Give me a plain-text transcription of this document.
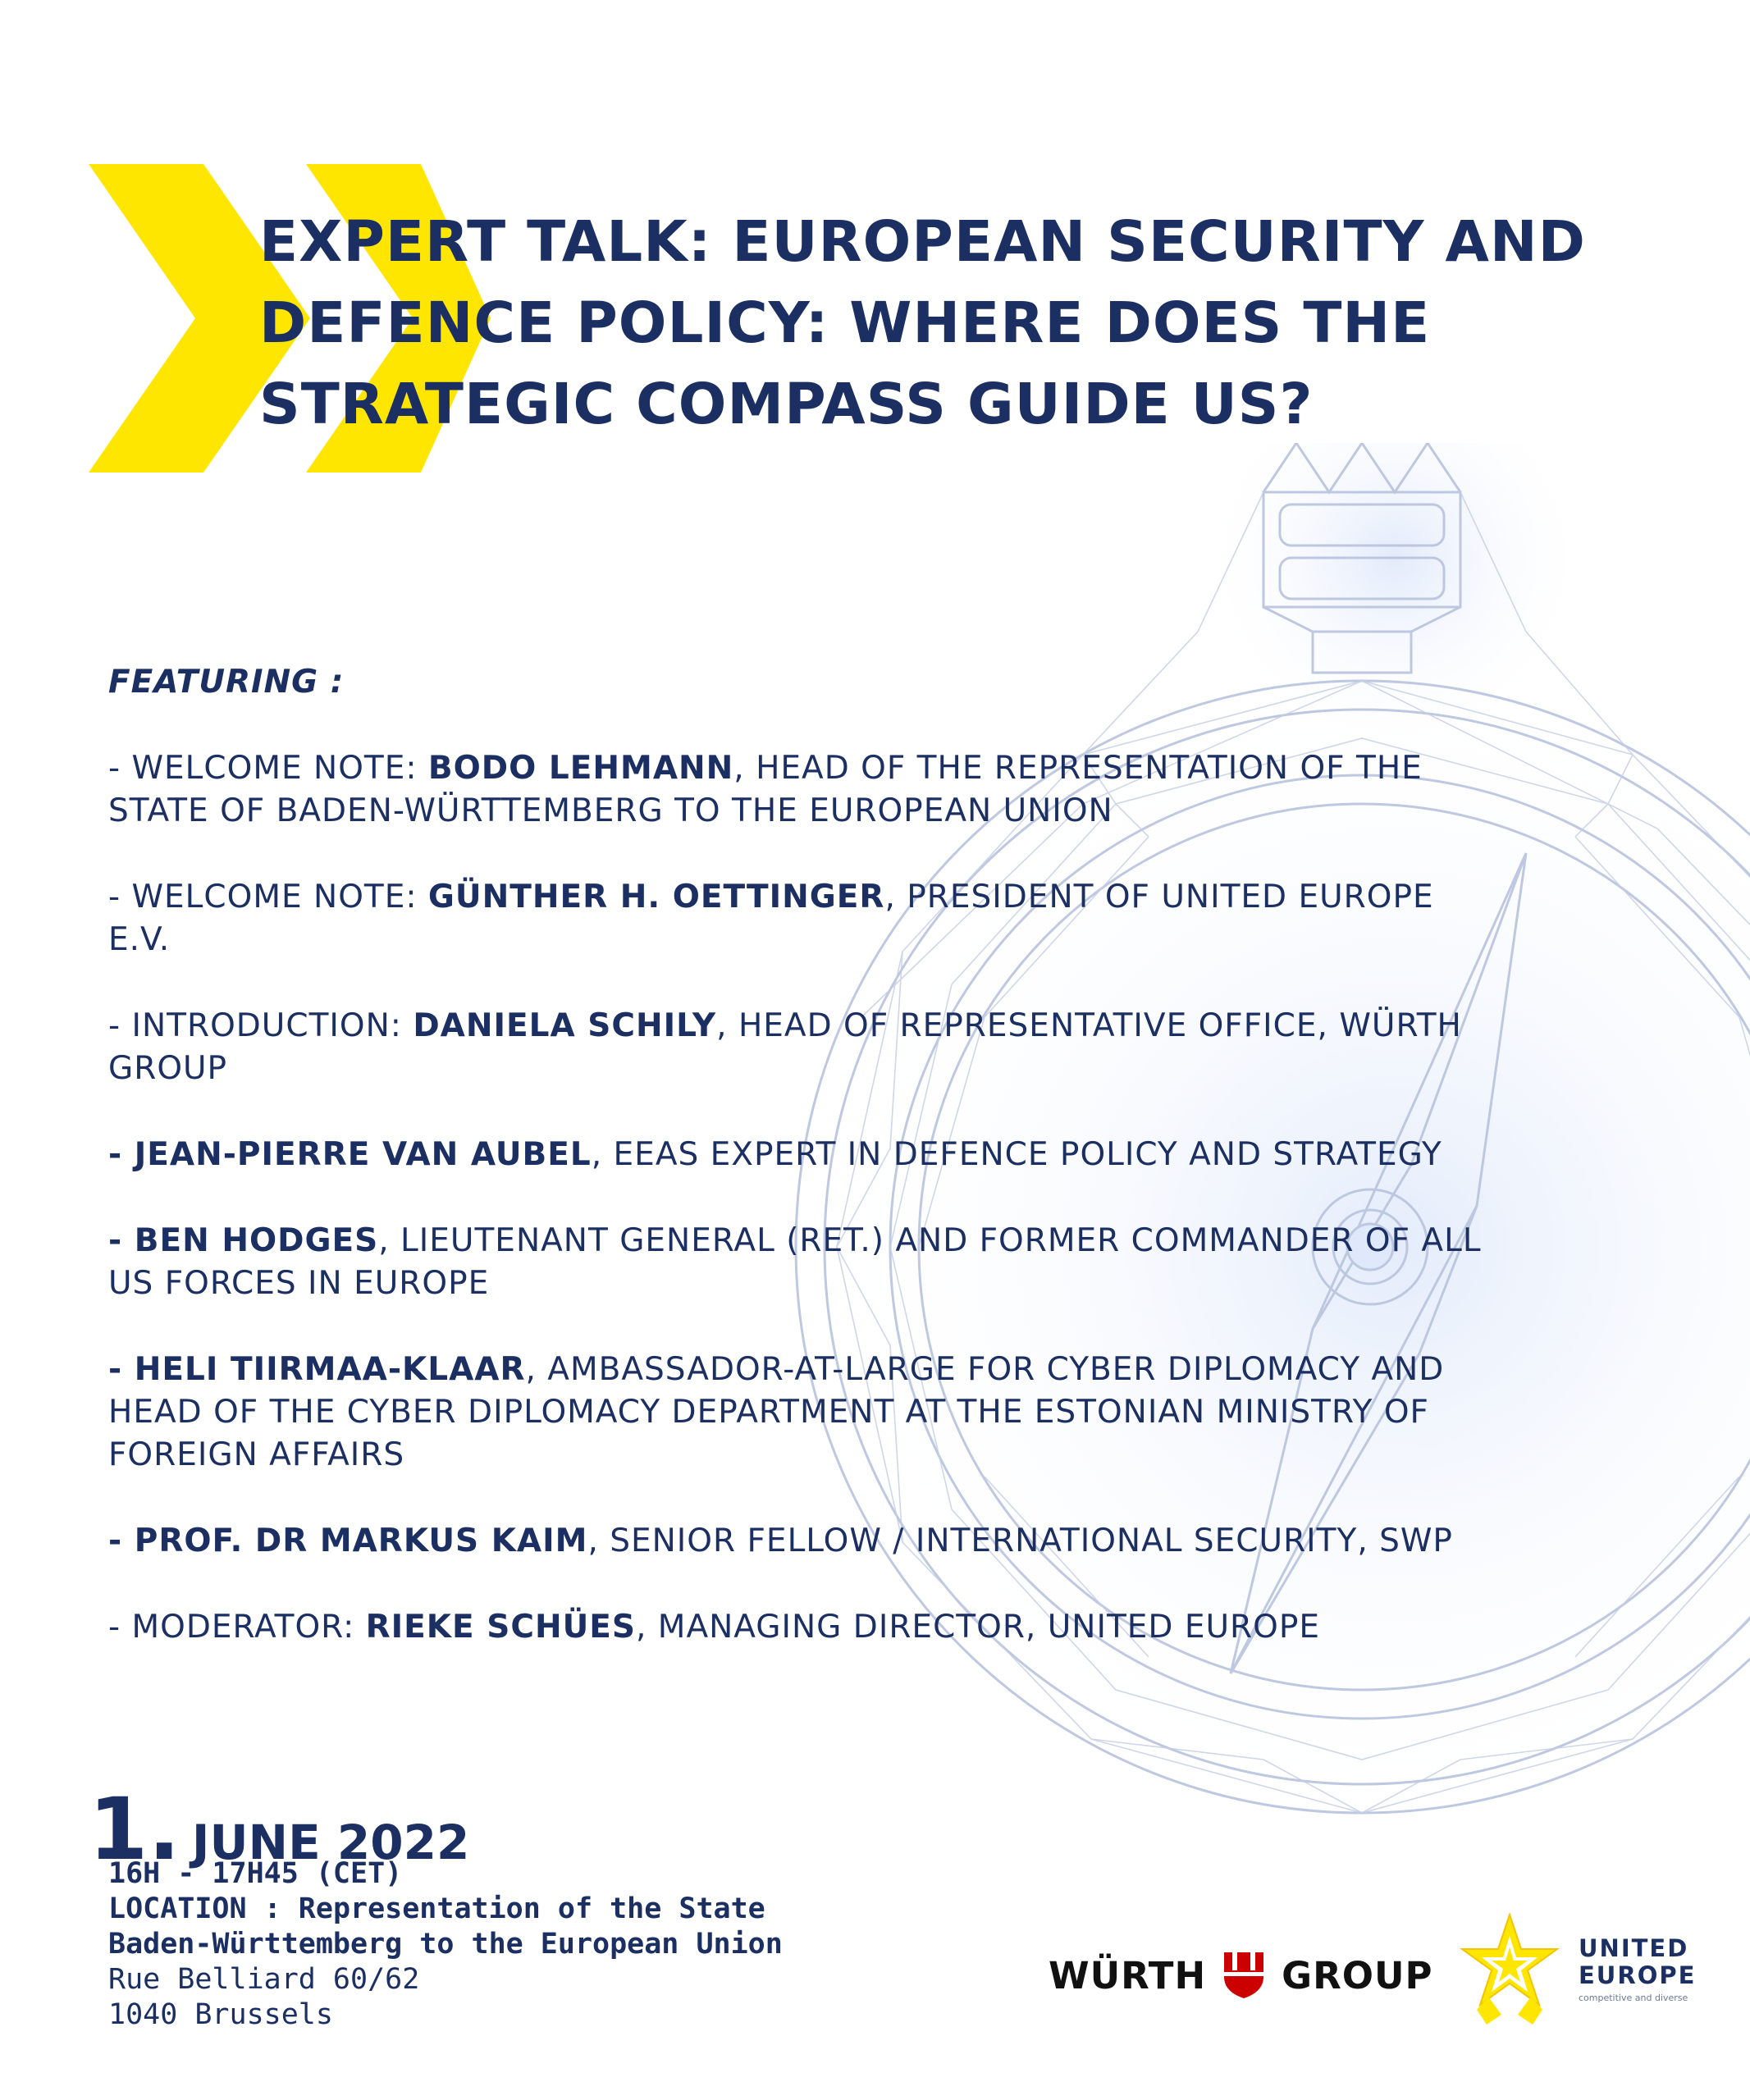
EXPERT TALK: EUROPEAN SECURITY AND
DEFENCE POLICY: WHERE DOES THE
STRATEGIC COMPASS GUIDE US?
FEATURING :
- WELCOME NOTE: BODO LEHMANN, HEAD OF THE REPRESENTATION OF THE STATE OF BADEN-WÜRTTEMBERG TO THE EUROPEAN UNION
- WELCOME NOTE: GÜNTHER H. OETTINGER, PRESIDENT OF UNITED EUROPE E.V.
- INTRODUCTION: DANIELA SCHILY, HEAD OF REPRESENTATIVE OFFICE, WÜRTH GROUP
- JEAN-PIERRE VAN AUBEL, EEAS EXPERT IN DEFENCE POLICY AND STRATEGY
- BEN HODGES, LIEUTENANT GENERAL (RET.) AND FORMER COMMANDER OF ALL US FORCES IN EUROPE
- HELI TIIRMAA-KLAAR, AMBASSADOR-AT-LARGE FOR CYBER DIPLOMACY AND HEAD OF THE CYBER DIPLOMACY DEPARTMENT AT THE ESTONIAN MINISTRY OF FOREIGN AFFAIRS
- PROF. DR MARKUS KAIM, SENIOR FELLOW / INTERNATIONAL SECURITY, SWP
- MODERATOR: RIEKE SCHÜES, MANAGING DIRECTOR, UNITED EUROPE
1. JUNE 2022
16H - 17H45 (CET)
LOCATION : Representation of the State
Baden-Württemberg to the European Union
Rue Belliard 60/62
1040 Brussels
WÜRTH GROUP
UNITED
EUROPE
competitive and diverse
